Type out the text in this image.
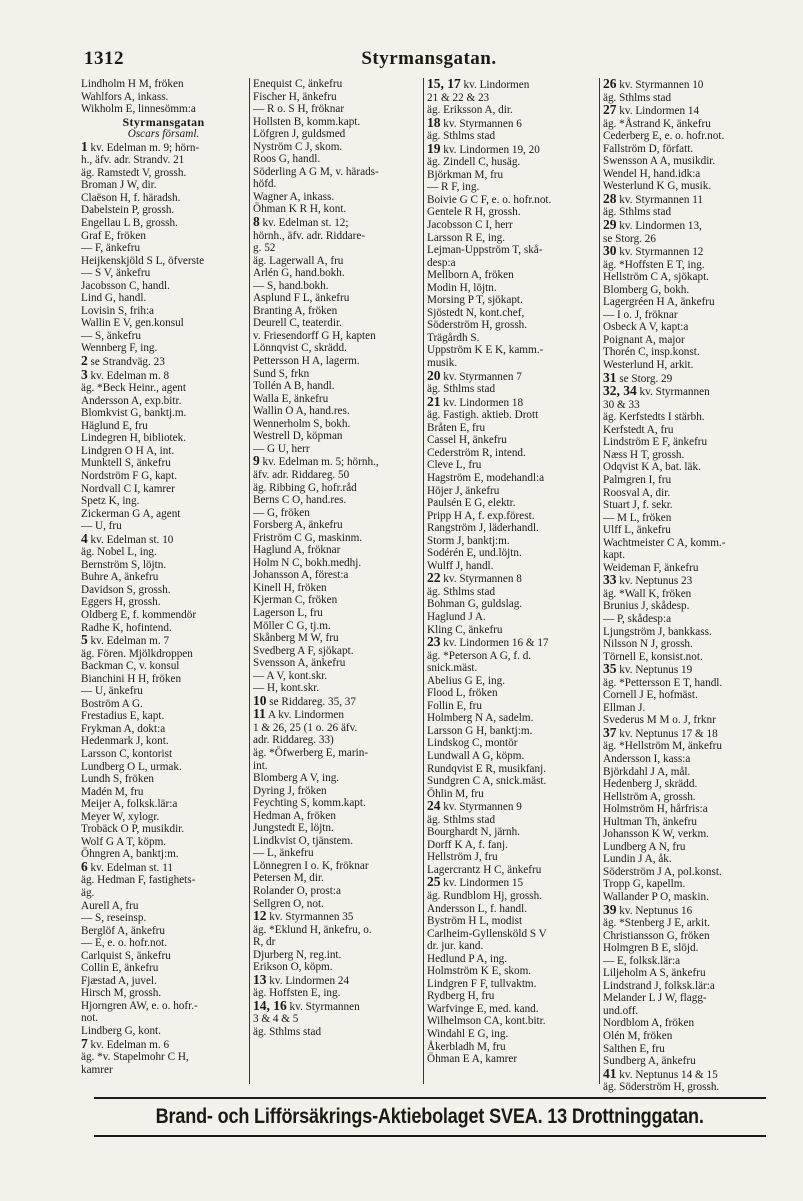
1312	Styrmansgatan.
Lindholm H M, fröken
Wahlfors A, inkass.
Wikholm E, linnesömm:a
Styrmansgatan
Oscars församl.
1 kv. Edelman m. 9; hörn-
h., äfv. adr. Strandv. 21
äg. Ramstedt V, grossh.
Broman J W, dir.
Claëson H, f. häradsh.
Dabelstein P, grossh.
Engellau L B, grossh.
Graf E, fröken
— F, änkefru
Heijkenskjöld S L, öfverste
— S V, änkefru
Jacobsson C, handl.
Lind G, handl.
Lovisin S, frih:a
Wallin E V, gen.konsul
— S, änkefru
Wennberg F, ing.
2 se Strandväg. 23
3 kv. Edelman m. 8
äg. *Beck Heinr., agent
Andersson A, exp.bitr.
Blomkvist G, banktj.m.
Häglund E, fru
Lindegren H, bibliotek.
Lindgren O H A, int.
Munktell S, änkefru
Nordström F G, kapt.
Nordvall C I, kamrer
Spetz K, ing.
Zickerman G A, agent
— U, fru
4 kv. Edelman st. 10
äg. Nobel L, ing.
Bernström S, löjtn.
Buhre A, änkefru
Davidson S, grossh.
Eggers H, grossh.
Oldberg E, f. kommendör
Radhe K, hofintend.
5 kv. Edelman m. 7
äg. Fören. Mjölkdroppen
Backman C, v. konsul
Bianchini H H, fröken
— U, änkefru
Boström A G.
Frestadius E, kapt.
Frykman A, dokt:a
Hedenmark J, kont.
Larsson C, kontorist
Lundberg O L, urmak.
Lundh S, fröken
Madén M, fru
Meijer A, folksk.lär:a
Meyer W, xylogr.
Trobäck O P, musikdir.
Wolf G A T, köpm.
Öhngren A, banktj:m.
6 kv. Edelman st. 11
äg. Hedman F, fastighets-
äg.
Aurell A, fru
— S, reseinsp.
Berglöf A, änkefru
— E, e. o. hofr.not.
Carlquist S, änkefru
Collin E, änkefru
Fjæstad A, juvel.
Hirsch M, grossh.
Hjorngren AW, e. o. hofr.-
not.
Lindberg G, kont.
7 kv. Edelman m. 6
äg. *v. Stapelmohr C H,
kamrer
Enequist C, änkefru
Fischer H, änkefru
— R o. S H, fröknar
Hollsten B, komm.kapt.
Löfgren J, guldsmed
Nyström C J, skom.
Roos G, handl.
Söderling A G M, v. härads-
höfd.
Wagner A, inkass.
Öhman K R H, kont.
8 kv. Edelman st. 12;
hörnh., äfv. adr. Riddare-
g. 52
äg. Lagerwall A, fru
Arlén G, hand.bokh.
— S, hand.bokh.
Asplund F L, änkefru
Branting A, fröken
Deurell C, teaterdir.
v. Friesendorff G H, kapten
Lönnqvist C, skrädd.
Pettersson H A, lagerm.
Sund S, frkn
Tollén A B, handl.
Walla E, änkefru
Wallin O A, hand.res.
Wennerholm S, bokh.
Westrell D, köpman
— G U, herr
9 kv. Edelman m. 5; hörnh.,
äfv. adr. Riddareg. 50
äg. Ribbing G, hofr.råd
Berns C O, hand.res.
— G, fröken
Forsberg A, änkefru
Friström C G, maskinm.
Haglund A, fröknar
Holm N C, bokh.medhj.
Johansson A, förest:a
Kinell H, fröken
Kjerman C, fröken
Lagerson L, fru
Möller C G, tj.m.
Skånberg M W, fru
Svedberg A F, sjökapt.
Svensson A, änkefru
— A V, kont.skr.
— H, kont.skr.
10 se Riddareg. 35, 37
11 A kv. Lindormen
1 & 26, 25 (1 o. 26 äfv.
adr. Riddareg. 33)
äg. *Öfwerberg E, marin-
int.
Blomberg A V, ing.
Dyring J, fröken
Feychting S, komm.kapt.
Hedman A, fröken
Jungstedt E, löjtn.
Lindkvist O, tjänstem.
— L, änkefru
Lönnegren I o. K, fröknar
Petersen M, dir.
Rolander O, prost:a
Sellgren O, not.
12 kv. Styrmannen 35
äg. *Eklund H, änkefru, o.
R, dr
Djurberg N, reg.int.
Erikson O, köpm.
13 kv. Lindormen 24
äg. Hoffsten E, ing.
14, 16 kv. Styrmannen
3 & 4 & 5
äg. Sthlms stad
15, 17 kv. Lindormen
21 & 22 & 23
äg. Eriksson A, dir.
18 kv. Styrmannen 6
äg. Sthlms stad
19 kv. Lindormen 19, 20
äg. Zindell C, husäg.
Björkman M, fru
— R F, ing.
Boivie G C F, e. o. hofr.not.
Gentele R H, grossh.
Jacobsson C I, herr
Larsson R E, ing.
Lejman-Uppström T, skå-
desp:a
Mellborn A, fröken
Modin H, löjtn.
Morsing P T, sjökapt.
Sjöstedt N, kont.chef,
Söderström H, grossh.
Trägårdh S.
Uppström K E K, kamm.-
musik.
20 kv. Styrmannen 7
äg. Sthlms stad
21 kv. Lindormen 18
äg. Fastigh. aktieb. Drott
Bråten E, fru
Cassel H, änkefru
Cederström R, intend.
Cleve L, fru
Hagström E, modehandl:a
Höjer J, änkefru
Paulsén E G, elektr.
Pripp H A, f. exp.förest.
Rangström J, läderhandl.
Storm J, banktj:m.
Sodérén E, und.löjtn.
Wulff J, handl.
22 kv. Styrmannen 8
äg. Sthlms stad
Bohman G, guldslag.
Haglund J A.
Kling C, änkefru
23 kv. Lindormen 16 & 17
äg. *Peterson A G, f. d.
snick.mäst.
Abelius G E, ing.
Flood L, fröken
Follin E, fru
Holmberg N A, sadelm.
Larsson G H, banktj:m.
Lindskog C, montör
Lundwall A G, köpm.
Rundqvist E R, musikfanj.
Sundgren C A, snick.mäst.
Öhlin M, fru
24 kv. Styrmannen 9
äg. Sthlms stad
Bourghardt N, järnh.
Dorff K A, f. fanj.
Hellström J, fru
Lagercrantz H C, änkefru
25 kv. Lindormen 15
äg. Rundblom Hj, grossh.
Andersson L, f. handl.
Byström H L, modist
Carlheim-Gyllensköld S V
dr. jur. kand.
Hedlund P A, ing.
Holmström K E, skom.
Lindgren F F, tullvaktm.
Rydberg H, fru
Warfvinge E, med. kand.
Wilhelmson CA, kont.bitr.
Windahl E G, ing.
Åkerbladh M, fru
Öhman E A, kamrer
26 kv. Styrmannen 10
äg. Sthlms stad
27 kv. Lindormen 14
äg. *Åstrand K, änkefru
Cederberg E, e. o. hofr.not.
Fallström D, författ.
Swensson A A, musikdir.
Wendel H, hand.idk:a
Westerlund K G, musik.
28 kv. Styrmannen 11
äg. Sthlms stad
29 kv. Lindormen 13,
se Storg. 26
30 kv. Styrmannen 12
äg. *Hoffsten E T, ing.
Hellström C A, sjökapt.
Blomberg G, bokh.
Lagergréen H A, änkefru
— I o. J, fröknar
Osbeck A V, kapt:a
Poignant A, major
Thorén C, insp.konst.
Westerlund H, arkit.
31 se Storg. 29
32, 34 kv. Styrmannen
30 & 33
äg. Kerfstedts I stärbh.
Kerfstedt A, fru
Lindström E F, änkefru
Næss H T, grossh.
Odqvist K A, bat. läk.
Palmgren I, fru
Roosval A, dir.
Stuart J, f. sekr.
— M L, fröken
Ulff L, änkefru
Wachtmeister C A, komm.-
kapt.
Weideman F, änkefru
33 kv. Neptunus 23
äg. *Wall K, fröken
Brunius J, skådesp.
— P, skådesp:a
Ljungström J, bankkass.
Nilsson N J, grossh.
Törnell E, konsist.not.
35 kv. Neptunus 19
äg. *Pettersson E T, handl.
Cornell J E, hofmäst.
Ellman J.
Svederus M M o. J, frknr
37 kv. Neptunus 17 & 18
äg. *Hellström M, änkefru
Andersson I, kass:a
Björkdahl J A, mål.
Hedenberg J, skrädd.
Hellström A, grossh.
Holmström H, hårfris:a
Hultman Th, änkefru
Johansson K W, verkm.
Lundberg A N, fru
Lundin J A, åk.
Söderström J A, pol.konst.
Tropp G, kapellm.
Wallander P O, maskin.
39 kv. Neptunus 16
äg. *Stenberg J E, arkit.
Christiansson G, fröken
Holmgren B E, slöjd.
— E, folksk.lär:a
Liljeholm A S, änkefru
Lindstrand J, folksk.lär:a
Melander L J W, flagg-
und.off.
Nordblom A, fröken
Olén M, fröken
Salthen E, fru
Sundberg A, änkefru
41 kv. Neptunus 14 & 15
äg. Söderström H, grossh.
Brand- och Lifförsäkrings-Aktiebolaget SVEA. 13 Drottninggatan.
